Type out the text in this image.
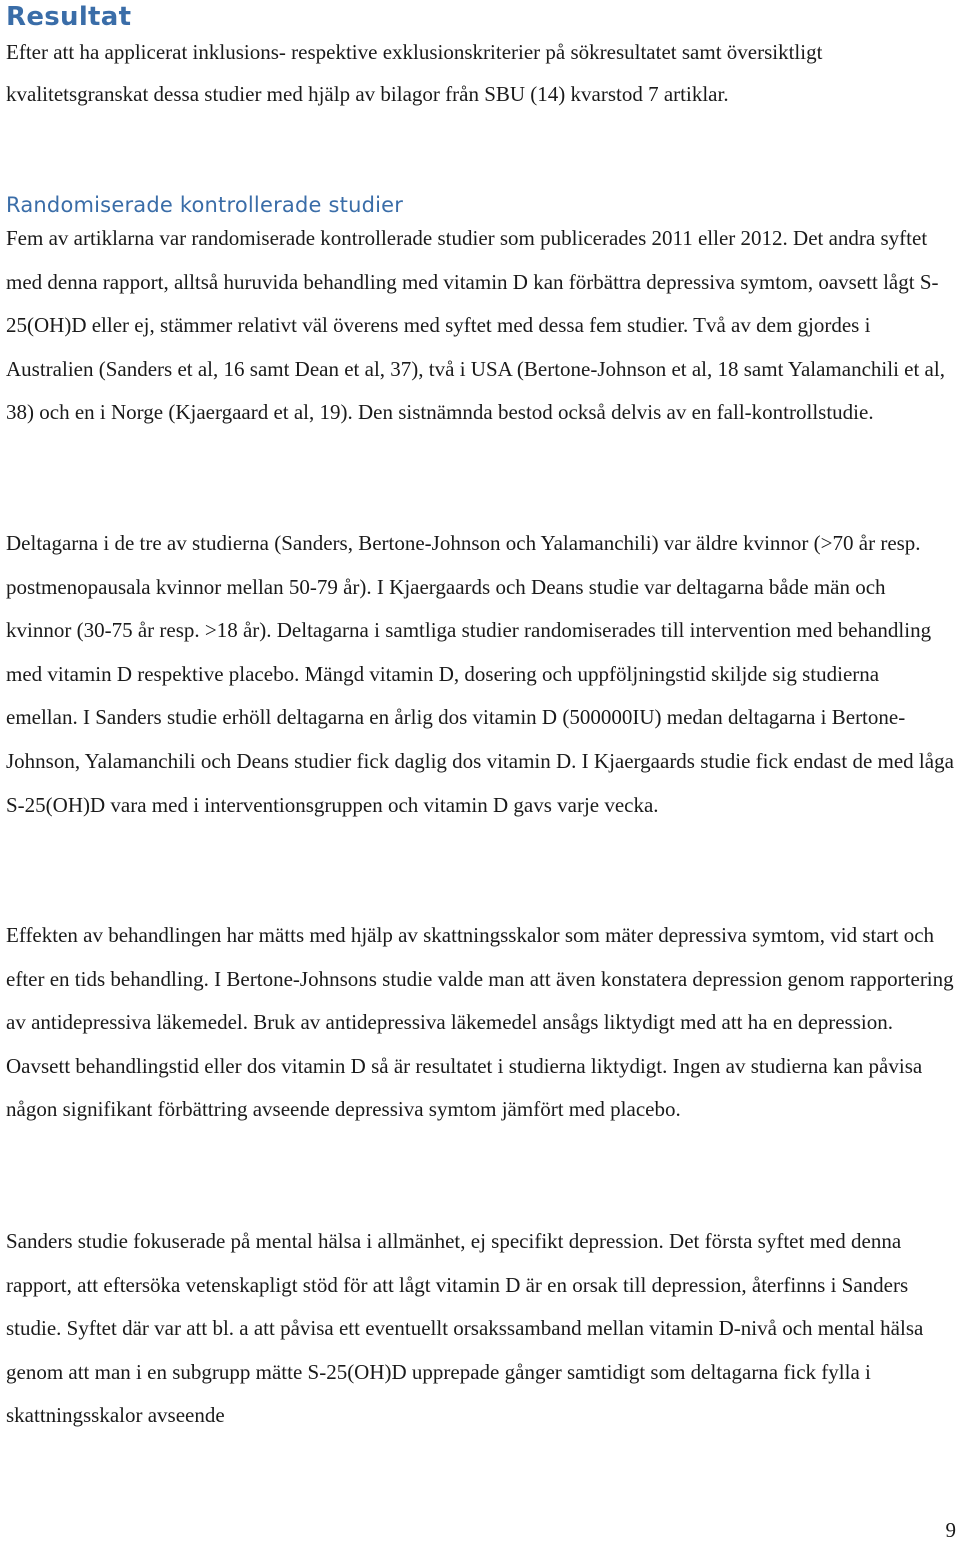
Resultat

Efter att ha applicerat inklusions- respektive exklusionskriterier på sökresultatet samt översiktligt kvalitetsgranskat dessa studier med hjälp av bilagor från SBU (14) kvarstod 7 artiklar.

Randomiserade kontrollerade studier

Fem av artiklarna var randomiserade kontrollerade studier som publicerades 2011 eller 2012. Det andra syftet med denna rapport, alltså huruvida behandling med vitamin D kan förbättra depressiva symtom, oavsett lågt S-25(OH)D eller ej, stämmer relativt väl överens med syftet med dessa fem studier. Två av dem gjordes i Australien (Sanders et al, 16 samt Dean et al, 37), två i USA (Bertone-Johnson et al, 18 samt Yalamanchili et al, 38) och en i Norge (Kjaergaard et al, 19). Den sistnämnda bestod också delvis av en fall-kontrollstudie.

Deltagarna i de tre av studierna (Sanders, Bertone-Johnson och Yalamanchili) var äldre kvinnor (>70 år resp. postmenopausala kvinnor mellan 50-79 år). I Kjaergaards och Deans studie var deltagarna både män och kvinnor (30-75 år resp. >18 år). Deltagarna i samtliga studier randomiserades till intervention med behandling med vitamin D respektive placebo. Mängd vitamin D, dosering och uppföljningstid skiljde sig studierna emellan. I Sanders studie erhöll deltagarna en årlig dos vitamin D (500000IU) medan deltagarna i Bertone-Johnson, Yalamanchili och Deans studier fick daglig dos vitamin D. I Kjaergaards studie fick endast de med låga S-25(OH)D vara med i interventionsgruppen och vitamin D gavs varje vecka.

Effekten av behandlingen har mätts med hjälp av skattningsskalor som mäter depressiva symtom, vid start och efter en tids behandling. I Bertone-Johnsons studie valde man att även konstatera depression genom rapportering av antidepressiva läkemedel. Bruk av antidepressiva läkemedel ansågs liktydigt med att ha en depression. Oavsett behandlingstid eller dos vitamin D så är resultatet i studierna liktydigt. Ingen av studierna kan påvisa någon signifikant förbättring avseende depressiva symtom jämfört med placebo.

Sanders studie fokuserade på mental hälsa i allmänhet, ej specifikt depression. Det första syftet med denna rapport, att eftersöka vetenskapligt stöd för att lågt vitamin D är en orsak till depression, återfinns i Sanders studie. Syftet där var att bl. a att påvisa ett eventuellt orsakssamband mellan vitamin D-nivå och mental hälsa genom att man i en subgrupp mätte S-25(OH)D upprepade gånger samtidigt som deltagarna fick fylla i skattningsskalor avseende

9
